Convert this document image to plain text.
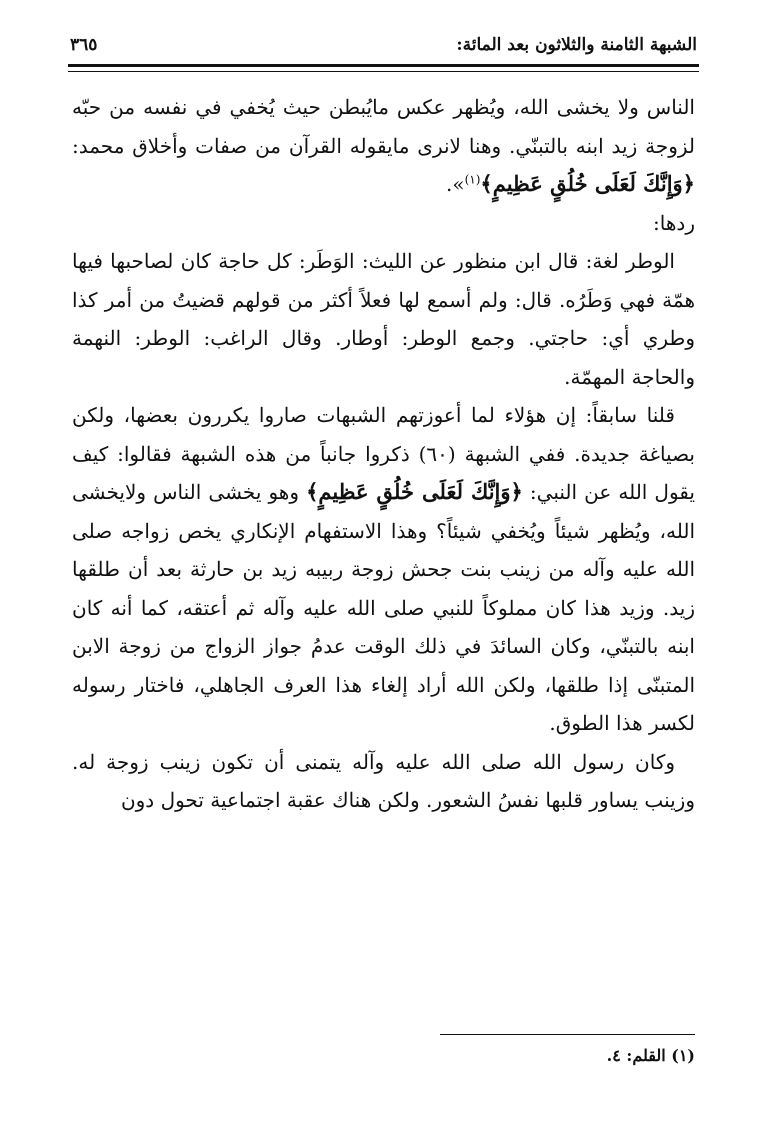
الشبهة الثامنة والثلاثون بعد المائة:
٣٦٥

الناس ولا يخشى الله، ويُظهر عكس مايُبطن حيث يُخفي في نفسه من حبّه لزوجة زيد ابنه بالتبنّي. وهنا لانرى مايقوله القرآن من صفات وأخلاق محمد: ﴿وَإِنَّكَ لَعَلَى خُلُقٍ عَظِيمٍ﴾$^{(١)}$».

ردها:

الوطر لغة: قال ابن منظور عن الليث: الوَطَر: كل حاجة كان لصاحبها فيها همّة فهي وَطَرُه. قال: ولم أسمع لها فعلاً أكثر من قولهم قضيتُ من أمر كذا وطري أي: حاجتي. وجمع الوطر: أوطار. وقال الراغب: الوطر: النهمة والحاجة المهمّة.

قلنا سابقاً: إن هؤلاء لما أعوزتهم الشبهات صاروا يكررون بعضها، ولكن بصياغة جديدة. ففي الشبهة (٦٠) ذكروا جانباً من هذه الشبهة فقالوا: كيف يقول الله عن النبي: ﴿وَإِنَّكَ لَعَلَى خُلُقٍ عَظِيمٍ﴾ وهو يخشى الناس ولايخشى الله، ويُظهر شيئاً ويُخفي شيئاً؟ وهذا الاستفهام الإنكاري يخص زواجه صلى الله عليه وآله من زينب بنت جحش زوجة ربيبه زيد بن حارثة بعد أن طلقها زيد. وزيد هذا كان مملوكاً للنبي صلى الله عليه وآله ثم أعتقه، كما أنه كان ابنه بالتبنّي، وكان السائدَ في ذلك الوقت عدمُ جواز الزواج من زوجة الابن المتبنّى إذا طلقها، ولكن الله أراد إلغاء هذا العرف الجاهلي، فاختار رسوله لكسر هذا الطوق.

وكان رسول الله صلى الله عليه وآله يتمنى أن تكون زينب زوجة له. وزينب يساور قلبها نفسُ الشعور. ولكن هناك عقبة اجتماعية تحول دون

(١) القلم: ٤.
